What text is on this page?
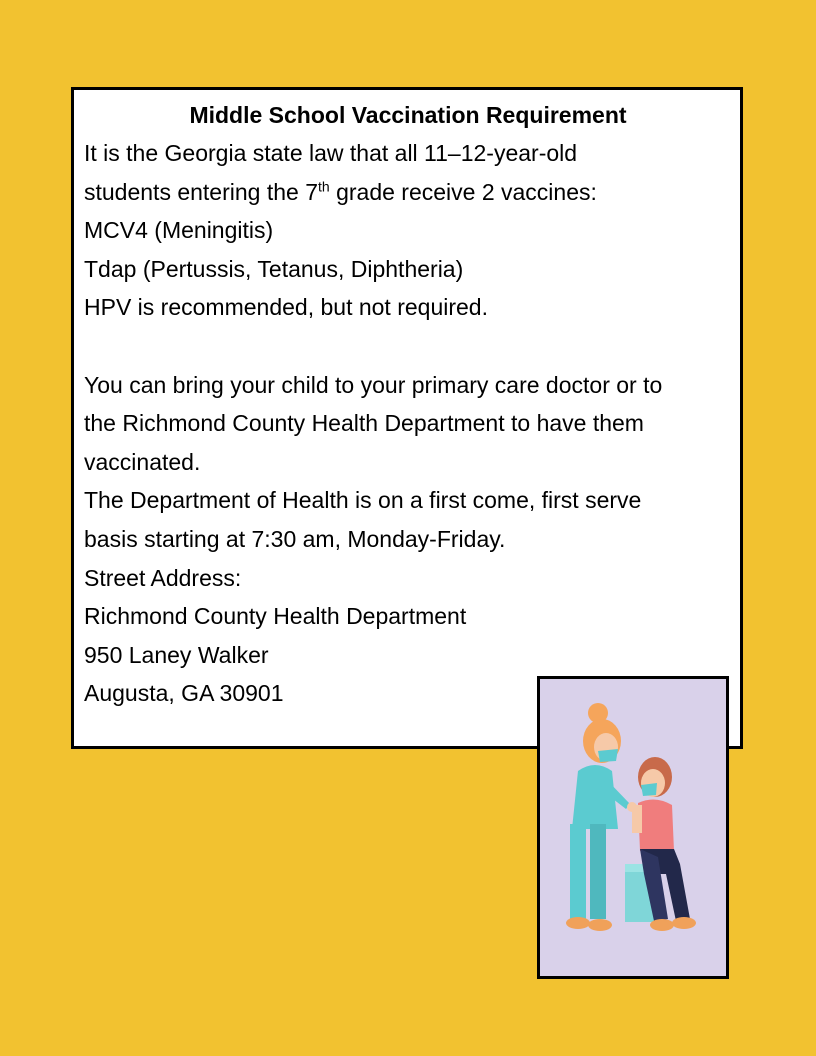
Middle School Vaccination Requirement
It is the Georgia state law that all 11–12-year-old
students entering the 7th grade receive 2 vaccines:
MCV4 (Meningitis)
Tdap (Pertussis, Tetanus, Diphtheria)
HPV is recommended, but not required.
You can bring your child to your primary care doctor or to
the Richmond County Health Department to have them
vaccinated.
The Department of Health is on a first come, first serve
basis starting at 7:30 am, Monday-Friday.
Street Address:
Richmond County Health Department
950 Laney Walker
Augusta, GA 30901
